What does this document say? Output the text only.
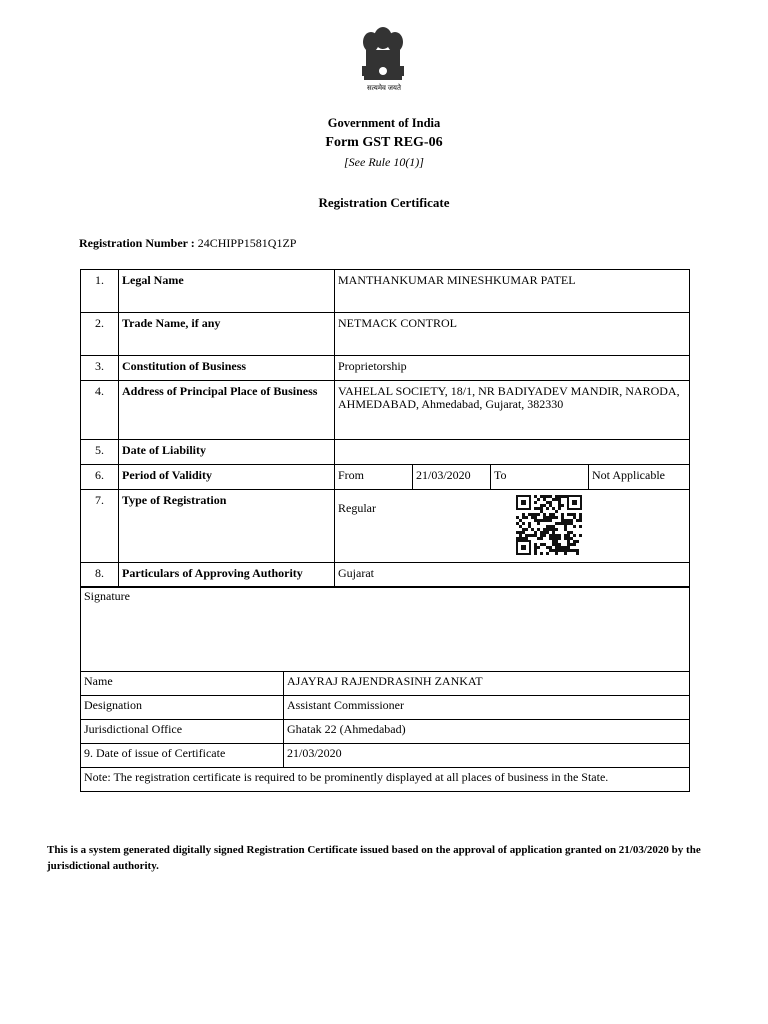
सत्यमेव जयते
Government of India
Form GST REG-06
[See Rule 10(1)]
Registration Certificate
Registration Number : 24CHIPP1581Q1ZP
1.	Legal Name	MANTHANKUMAR MINESHKUMAR PATEL			
2.	Trade Name, if any	NETMACK CONTROL			
3.	Constitution of Business	Proprietorship			
4.	Address of Principal Place of Business	VAHELAL SOCIETY, 18/1, NR BADIYADEV MANDIR, NARODA, AHMEDABAD, Ahmedabad, Gujarat, 382330			
5.	Date of Liability				
6.	Period of Validity	From	21/03/2020	To	Not Applicable
7.	Type of Registration	Regular			
8.	Particulars of Approving Authority	Gujarat			
Signature	
Name	AJAYRAJ RAJENDRASINH ZANKAT
Designation	Assistant Commissioner
Jurisdictional Office	Ghatak 22 (Ahmedabad)
9. Date of issue of Certificate	21/03/2020
Note: The registration certificate is required to be prominently displayed at all places of business in the State.	
This is a system generated digitally signed Registration Certificate issued based on the approval of application granted on 21/03/2020 by the jurisdictional authority.
